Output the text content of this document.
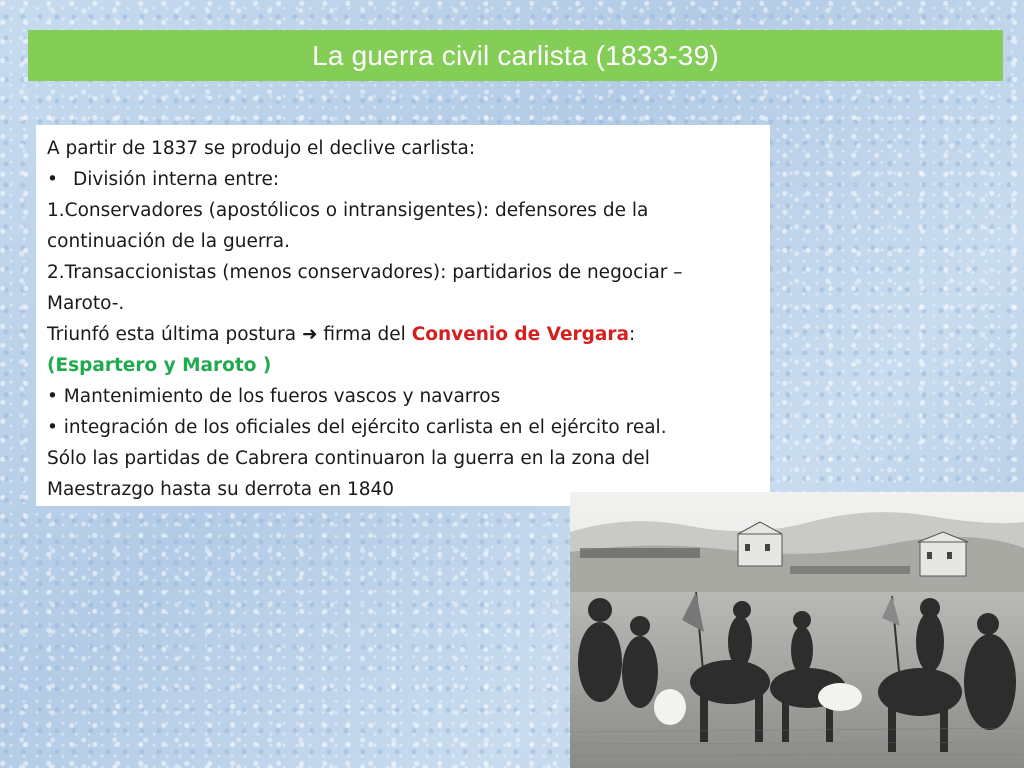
La guerra civil carlista (1833-39)

A partir de 1837 se produjo el declive carlista:

• División interna entre:

1.Conservadores (apostólicos o intransigentes): defensores de la

continuación de la guerra.

2.Transaccionistas (menos conservadores): partidarios de negociar –

Maroto-.

Triunfó esta última postura ➜ firma del Convenio de Vergara:

(Espartero y Maroto )

• Mantenimiento de los fueros vascos y navarros

• integración de los oficiales del ejército carlista en el ejército real.

Sólo las partidas de Cabrera continuaron la guerra en la zona del

Maestrazgo hasta su derrota en 1840
